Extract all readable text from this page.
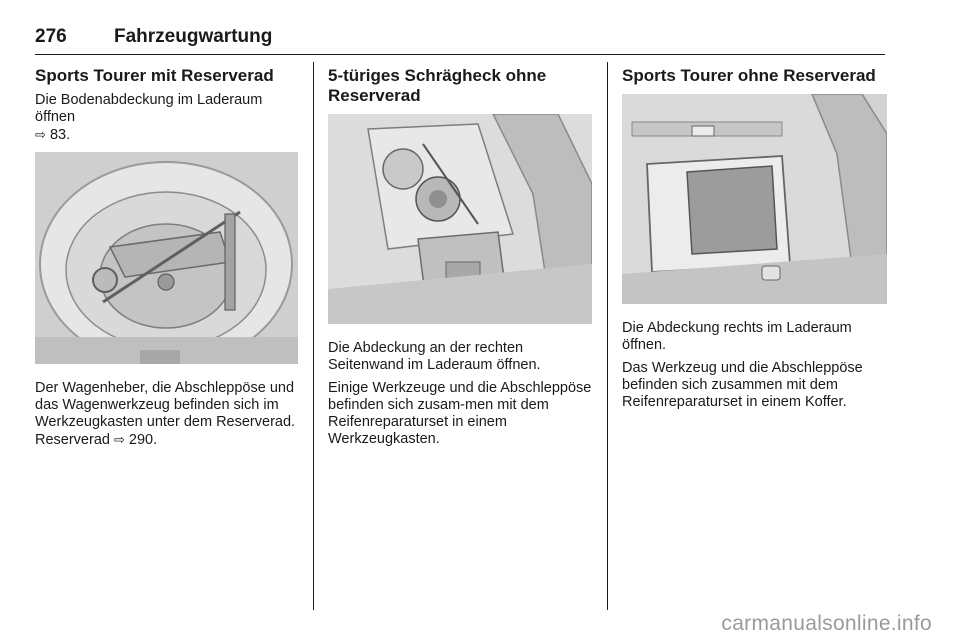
276 Fahrzeugwartung
Sports Tourer mit Reserverad

Die Bodenabdeckung im Laderaum öffnen
⇨ 83.

Der Wagenheber, die Abschleppöse und das Wagenwerkzeug befinden sich im Werkzeugkasten unter dem Reserverad. Reserverad ⇨ 290.

5-türiges Schrägheck ohne Reserverad

Die Abdeckung an der rechten Seitenwand im Laderaum öffnen.

Einige Werkzeuge und die Abschleppöse befinden sich zusam-men mit dem Reifenreparaturset in einem Werkzeugkasten.

Sports Tourer ohne Reserverad

Die Abdeckung rechts im Laderaum öffnen.

Das Werkzeug und die Abschleppöse befinden sich zusammen mit dem Reifenreparaturset in einem Koffer.

carmanualsonline.info
